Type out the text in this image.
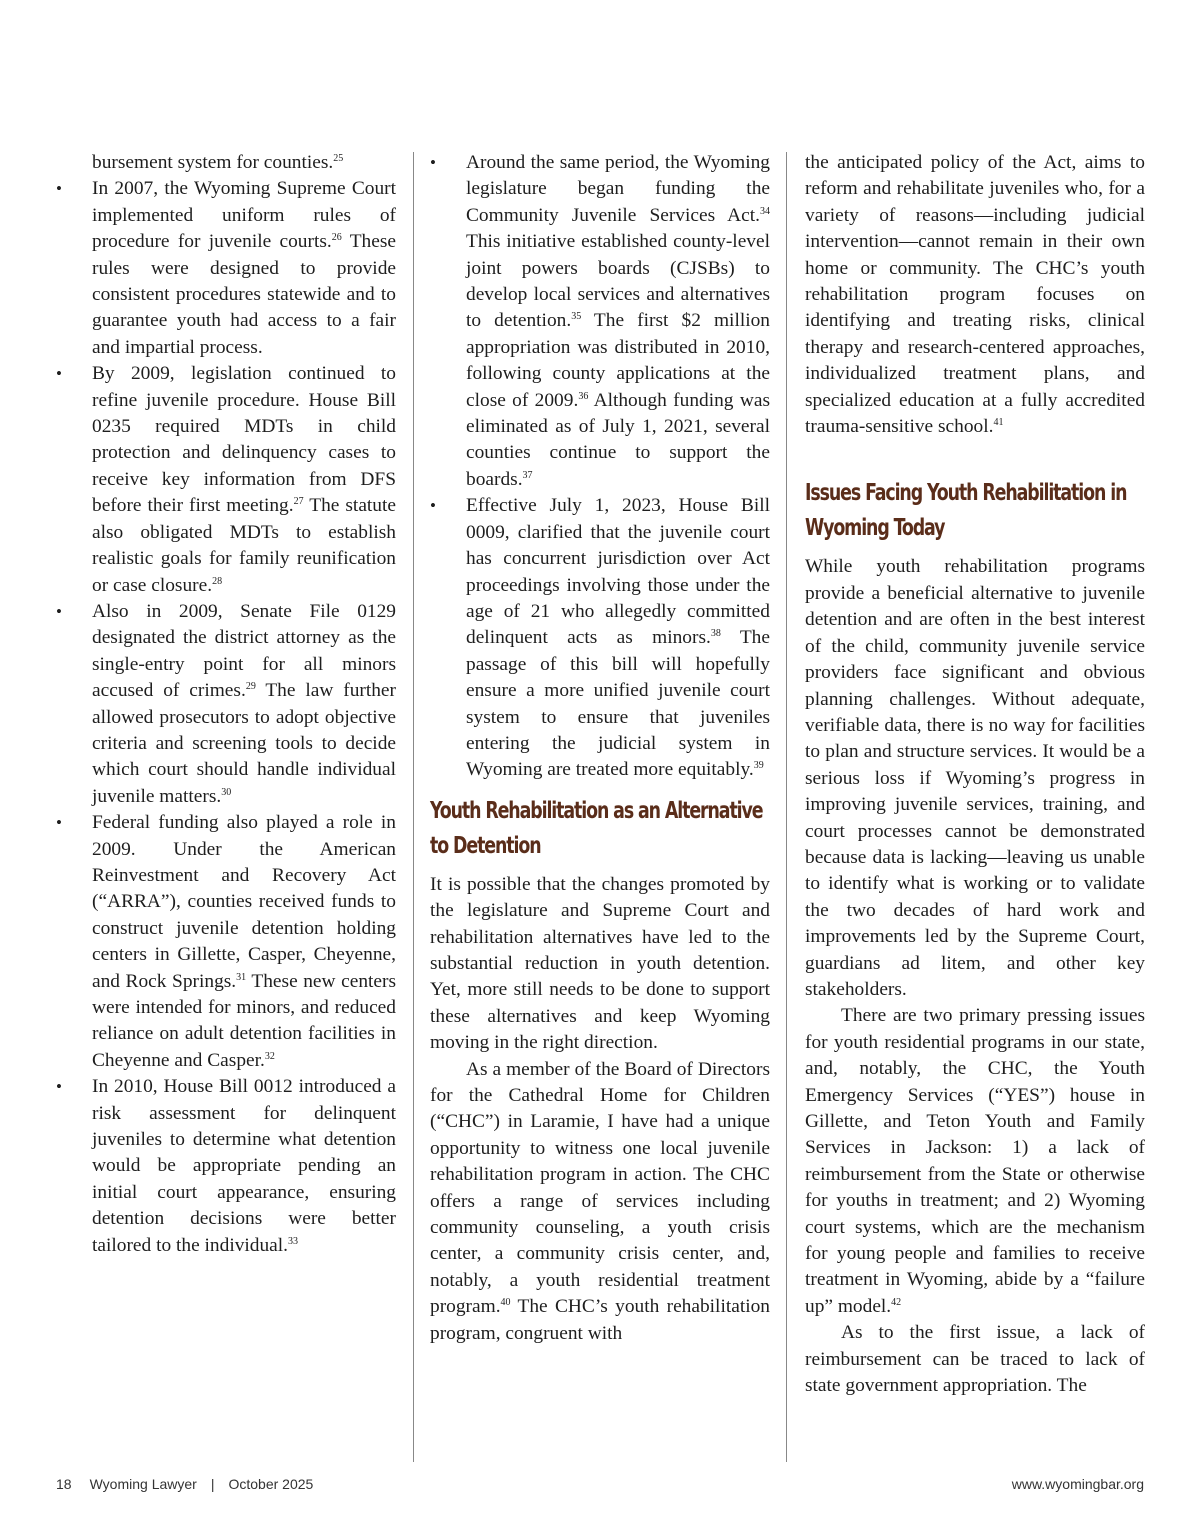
bursement system for counties.$^{25}$

• In 2007, the Wyoming Supreme Court implemented uniform rules of procedure for juvenile courts.$^{26}$ These rules were designed to provide consistent procedures statewide and to guarantee youth had access to a fair and impartial process.

• By 2009, legislation continued to refine juvenile procedure. House Bill 0235 required MDTs in child protection and delinquency cases to receive key information from DFS before their first meeting.$^{27}$ The statute also obligated MDTs to establish realistic goals for family reunification or case closure.$^{28}$

• Also in 2009, Senate File 0129 designated the district attorney as the single-entry point for all minors accused of crimes.$^{29}$ The law further allowed prosecutors to adopt objective criteria and screening tools to decide which court should handle individual juvenile matters.$^{30}$

• Federal funding also played a role in 2009. Under the American Reinvestment and Recovery Act (“ARRA”), counties received funds to construct juvenile detention holding centers in Gillette, Casper, Cheyenne, and Rock Springs.$^{31}$ These new centers were intended for minors, and reduced reliance on adult detention facilities in Cheyenne and Casper.$^{32}$

• In 2010, House Bill 0012 introduced a risk assessment for delinquent juveniles to determine what detention would be appropriate pending an initial court appearance, ensuring detention decisions were better tailored to the individual.$^{33}$

• Around the same period, the Wyoming legislature began funding the Community Juvenile Services Act.$^{34}$ This initiative established county-level joint powers boards (CJSBs) to develop local services and alternatives to detention.$^{35}$ The first $2 million appropriation was distributed in 2010, following county applications at the close of 2009.36 Although funding was eliminated as of July 1, 2021, several counties continue to support the boards.$^{37}$

• Effective July 1, 2023, House Bill 0009, clarified that the juvenile court has concurrent jurisdiction over Act proceedings involving those under the age of 21 who allegedly committed delinquent acts as minors.$^{38}$ The passage of this bill will hopefully ensure a more unified juvenile court system to ensure that juveniles entering the judicial system in Wyoming are treated more equitably.$^{39}$

Youth Rehabilitation as an Alternative to Detention

It is possible that the changes promoted by the legislature and Supreme Court and rehabilitation alternatives have led to the substantial reduction in youth detention. Yet, more still needs to be done to support these alternatives and keep Wyoming moving in the right direction.

As a member of the Board of Directors for the Cathedral Home for Children (“CHC”) in Laramie, I have had a unique opportunity to witness one local juvenile rehabilitation program in action. The CHC offers a range of services including community counseling, a youth crisis center, a community crisis center, and, notably, a youth residential treatment program.$^{40}$ The CHC’s youth rehabilitation program, congruent with

the anticipated policy of the Act, aims to reform and rehabilitate juveniles who, for a variety of reasons—including judicial intervention—cannot remain in their own home or community. The CHC’s youth rehabilitation program focuses on identifying and treating risks, clinical therapy and research-centered approaches, individualized treatment plans, and specialized education at a fully accredited trauma-sensitive school.$^{41}$

Issues Facing Youth Rehabilitation in Wyoming Today

While youth rehabilitation programs provide a beneficial alternative to juvenile detention and are often in the best interest of the child, community juvenile service providers face significant and obvious planning challenges. Without adequate, verifiable data, there is no way for facilities to plan and structure services. It would be a serious loss if Wyoming’s progress in improving juvenile services, training, and court processes cannot be demonstrated because data is lacking—leaving us unable to identify what is working or to validate the two decades of hard work and improvements led by the Supreme Court, guardians ad litem, and other key stakeholders.

There are two primary pressing issues for youth residential programs in our state, and, notably, the CHC, the Youth Emergency Services (“YES”) house in Gillette, and Teton Youth and Family Services in Jackson: 1) a lack of reimbursement from the State or otherwise for youths in treatment; and 2) Wyoming court systems, which are the mechanism for young people and families to receive treatment in Wyoming, abide by a “failure up” model.$^{42}$

As to the first issue, a lack of reimbursement can be traced to lack of state government appropriation. The

18 Wyoming Lawyer | October 2025	www.wyomingbar.org
